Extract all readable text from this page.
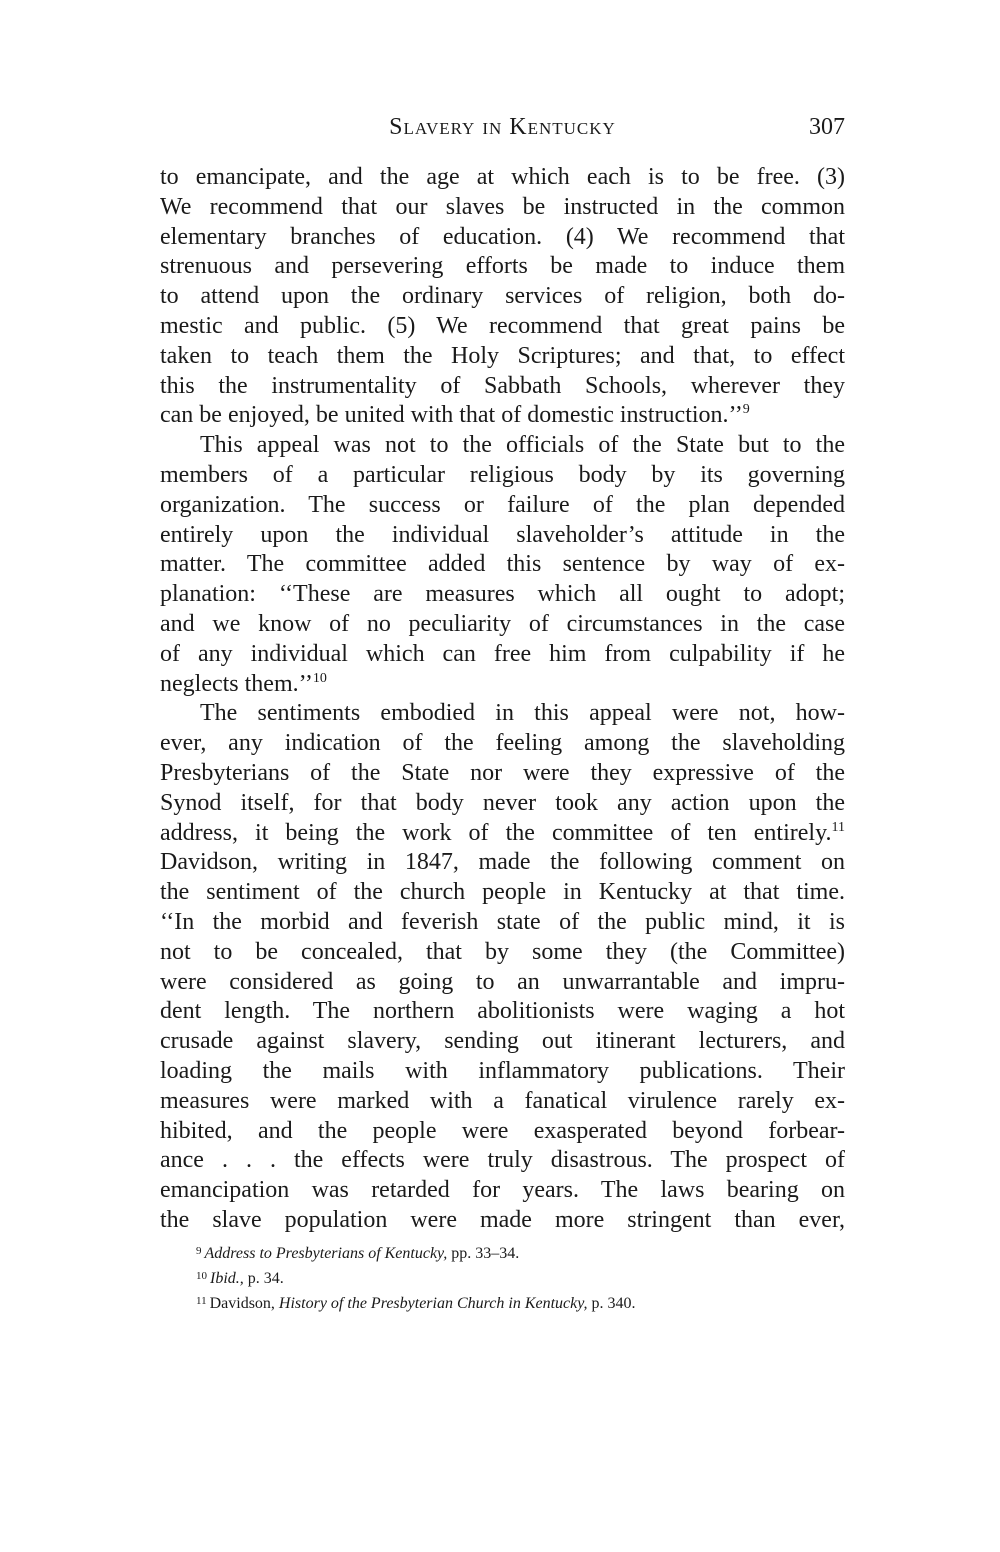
Slavery in Kentucky	307
to emancipate, and the age at which each is to be free. (3)
We recommend that our slaves be instructed in the common
elementary branches of education. (4) We recommend that
strenuous and persevering efforts be made to induce them
to attend upon the ordinary services of religion, both do-
mestic and public. (5) We recommend that great pains be
taken to teach them the Holy Scriptures; and that, to effect
this the instrumentality of Sabbath Schools, wherever they
can be enjoyed, be united with that of domestic instruction.’’$^9$
This appeal was not to the officials of the State but to the
members of a particular religious body by its governing
organization. The success or failure of the plan depended
entirely upon the individual slaveholder’s attitude in the
matter. The committee added this sentence by way of ex-
planation: ‘‘These are measures which all ought to adopt;
and we know of no peculiarity of circumstances in the case
of any individual which can free him from culpability if he
neglects them.’’$^{10}$
The sentiments embodied in this appeal were not, how-
ever, any indication of the feeling among the slaveholding
Presbyterians of the State nor were they expressive of the
Synod itself, for that body never took any action upon the
address, it being the work of the committee of ten entirely.$^{11}$
Davidson, writing in 1847, made the following comment on
the sentiment of the church people in Kentucky at that time.
‘‘In the morbid and feverish state of the public mind, it is
not to be concealed, that by some they (the Committee)
were considered as going to an unwarrantable and impru-
dent length. The northern abolitionists were waging a hot
crusade against slavery, sending out itinerant lecturers, and
loading the mails with inflammatory publications. Their
measures were marked with a fanatical virulence rarely ex-
hibited, and the people were exasperated beyond forbear-
ance . . . the effects were truly disastrous. The prospect of
emancipation was retarded for years. The laws bearing on
the slave population were made more stringent than ever,
$^9$ Address to Presbyterians of Kentucky, pp. 33–34.
$^{10}$ Ibid., p. 34.
$^{11}$ Davidson, History of the Presbyterian Church in Kentucky, p. 340.
